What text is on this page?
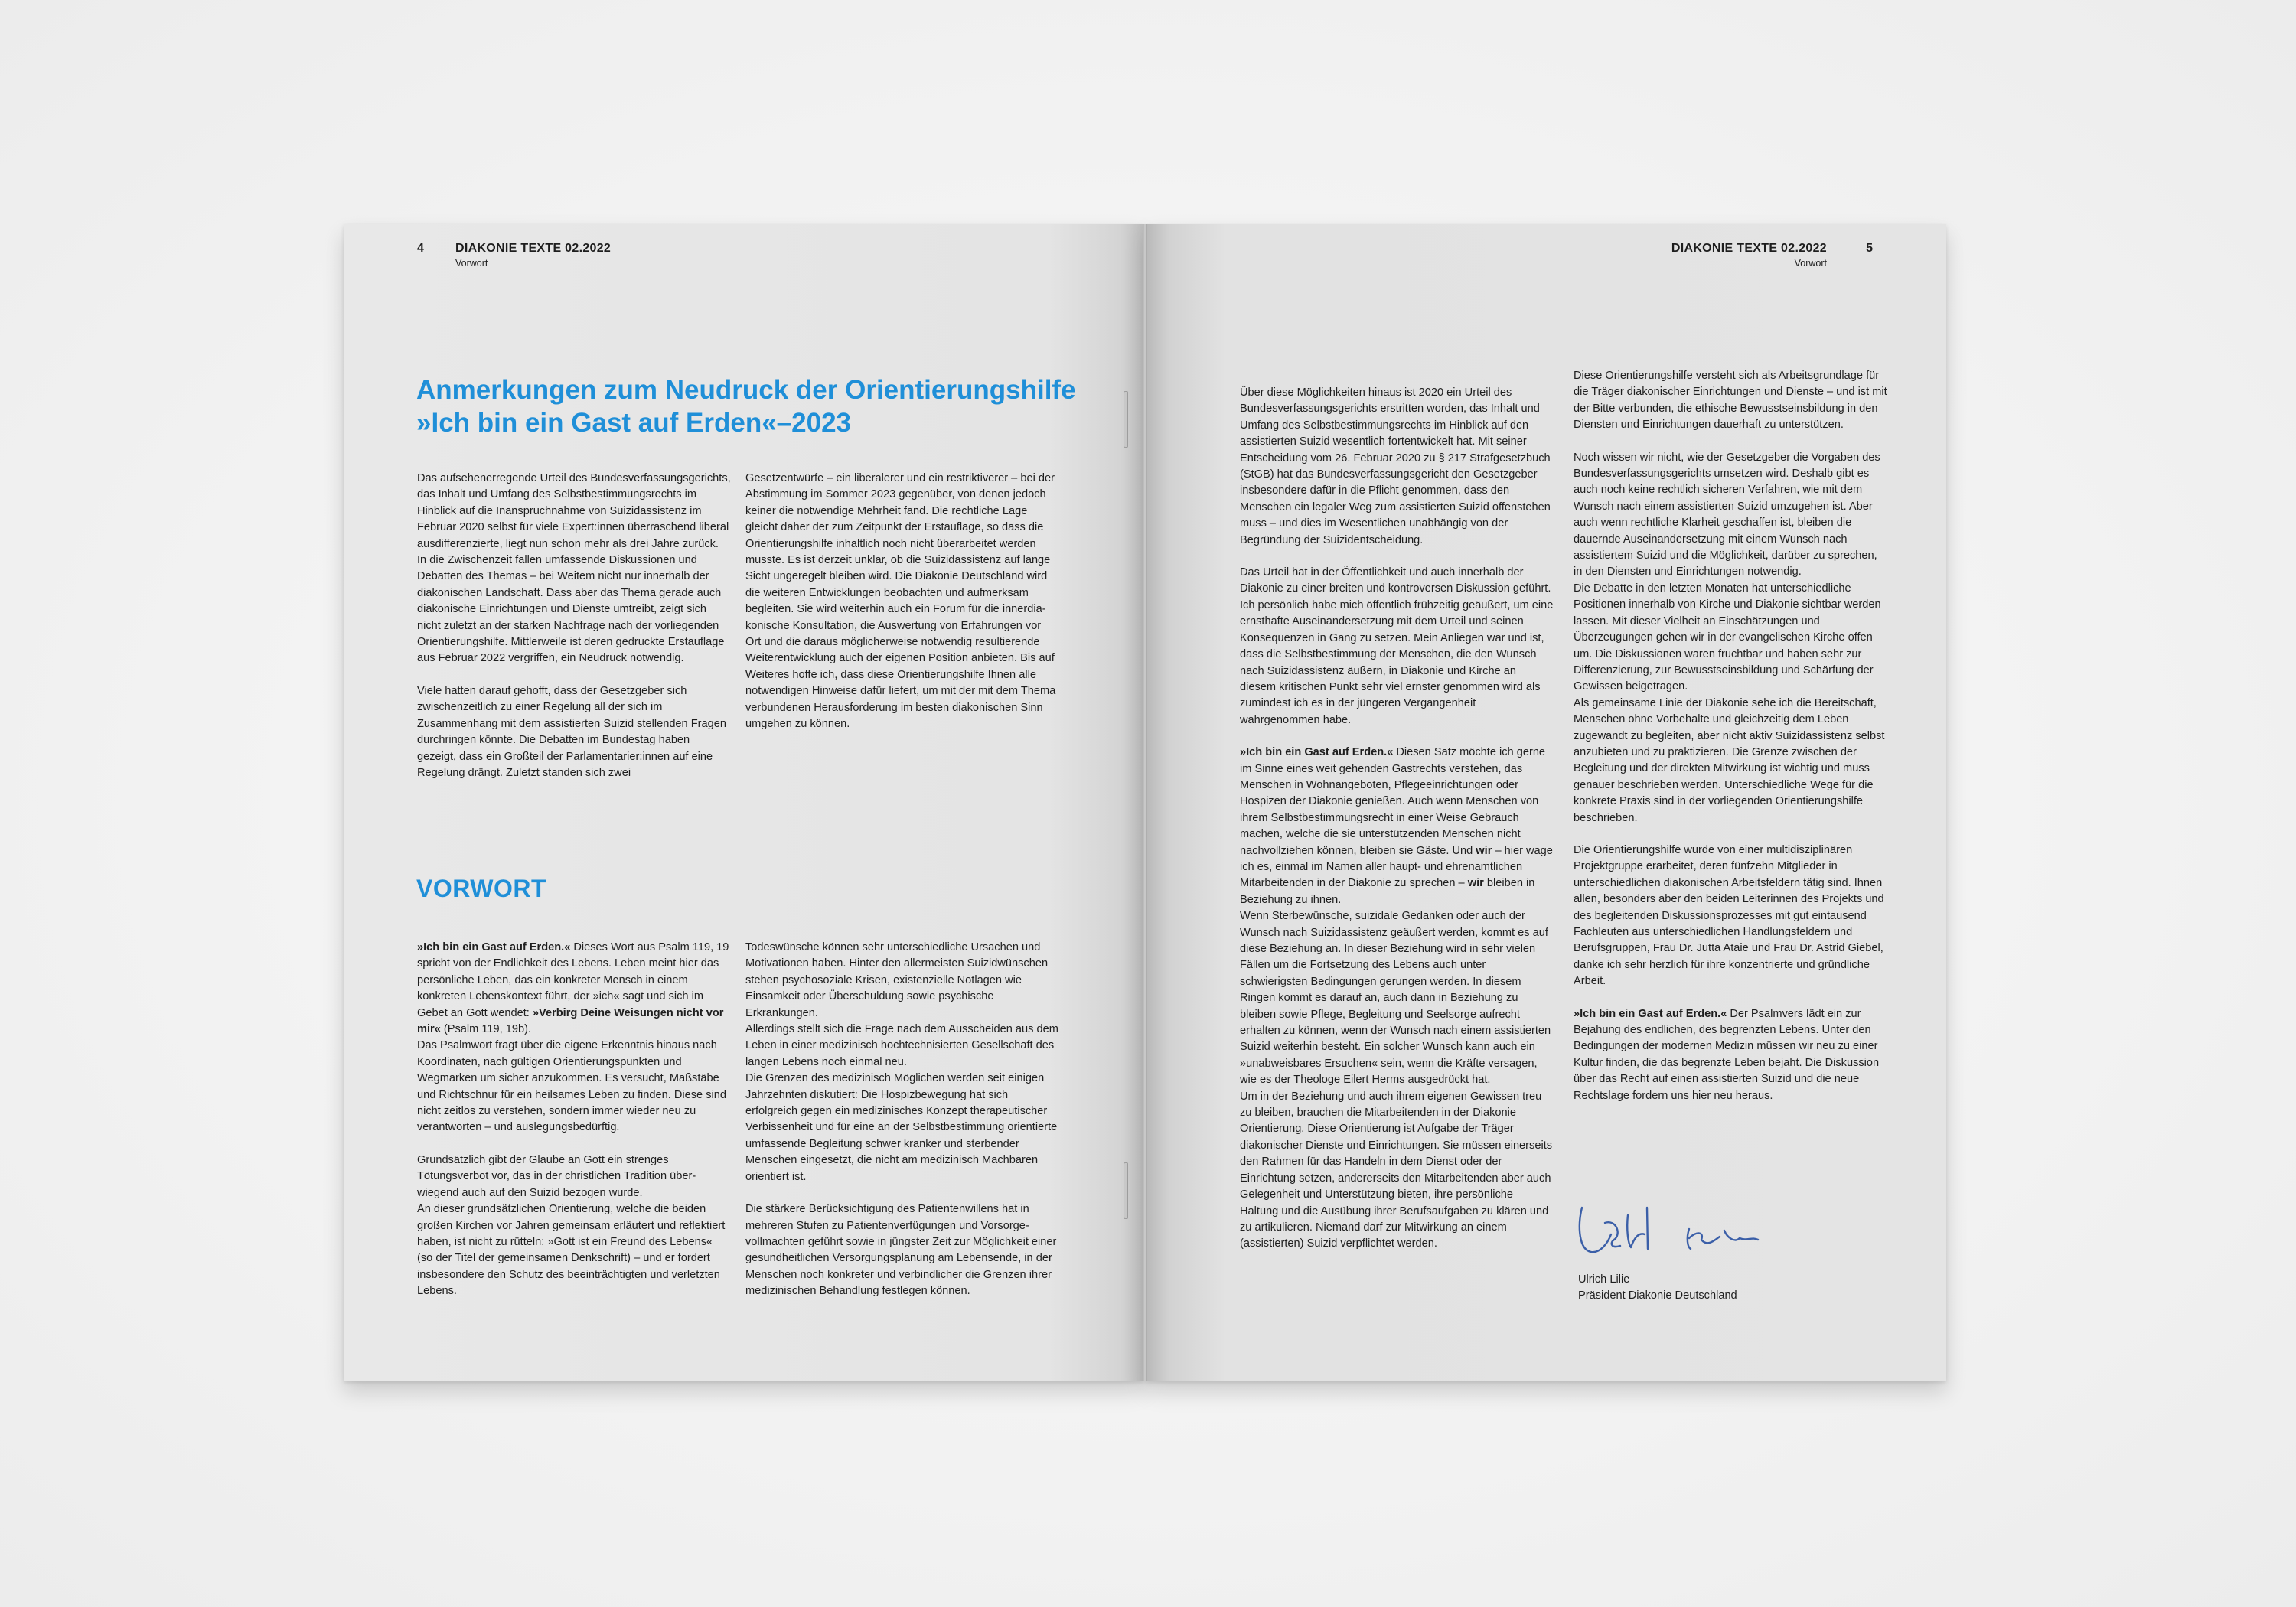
4	DIAKONIE TEXTE 02.2022
Vorwort
Anmerkungen zum Neudruck der Orientierungshilfe »Ich bin ein Gast auf Erden«–2023

Das aufsehenerregende Urteil des Bundesverfassungsgerichts, das Inhalt und Umfang des Selbstbestimmungsrechts im Hinblick auf die Inanspruchnahme von Suizidassistenz im Februar 2020 selbst für viele Expert:innen überraschend liberal ausdifferenzierte, liegt nun schon mehr als drei Jahre zurück. In die Zwischenzeit fallen umfassende Diskussionen und Debatten des Themas – bei Weitem nicht nur innerhalb der diakonischen Landschaft. Dass aber das Thema gerade auch diakonische Einrichtungen und Dienste umtreibt, zeigt sich nicht zuletzt an der starken Nachfrage nach der vorliegenden Orientierungshilfe. Mittlerweile ist deren gedruckte Erstauflage aus Februar 2022 vergriffen, ein Neudruck notwendig.

Viele hatten darauf gehofft, dass der Gesetzgeber sich zwischenzeitlich zu einer Regelung all der sich im Zusammenhang mit dem assistierten Suizid stellenden Fragen durchringen könnte. Die Debatten im Bundestag haben gezeigt, dass ein Großteil der Parlamentarier:innen auf eine Regelung drängt. Zuletzt standen sich zwei

Gesetzentwürfe – ein liberalerer und ein restriktiverer – bei der Abstimmung im Sommer 2023 gegenüber, von denen jedoch keiner die notwendige Mehrheit fand. Die rechtliche Lage gleicht daher der zum Zeitpunkt der Erstauflage, so dass die Orientierungshilfe inhaltlich noch nicht überarbeitet werden musste. Es ist derzeit unklar, ob die Suizidassistenz auf lange Sicht ungeregelt bleiben wird. Die Diakonie Deutschland wird die weiteren Entwicklungen beobachten und aufmerksam begleiten. Sie wird weiterhin auch ein Forum für die innerdiakonische Konsultation, die Auswertung von Erfahrungen vor Ort und die daraus möglicherweise notwendig resultierende Weiterentwicklung auch der eigenen Position anbieten. Bis auf Weiteres hoffe ich, dass diese Orientierungshilfe Ihnen alle notwendigen Hinweise dafür liefert, um mit der mit dem Thema verbundenen Herausforderung im besten diakonischen Sinn umgehen zu können.

VORWORT

»Ich bin ein Gast auf Erden.« Dieses Wort aus Psalm 119, 19 spricht von der Endlichkeit des Lebens. Leben meint hier das persönliche Leben, das ein konkreter Mensch in einem konkreten Lebenskontext führt, der »ich« sagt und sich im Gebet an Gott wendet: »Verbirg Deine Weisungen nicht vor mir« (Psalm 119, 19b).

Das Psalmwort fragt über die eigene Erkenntnis hinaus nach Koordinaten, nach gültigen Orientierungspunkten und Wegmarken um sicher anzukommen. Es versucht, Maßstäbe und Richtschnur für ein heilsames Leben zu finden. Diese sind nicht zeitlos zu verstehen, sondern immer wieder neu zu verantworten – und auslegungsbedürftig.

Grundsätzlich gibt der Glaube an Gott ein strenges Tötungsverbot vor, das in der christlichen Tradition überwiegend auch auf den Suizid bezogen wurde.

An dieser grundsätzlichen Orientierung, welche die beiden großen Kirchen vor Jahren gemeinsam erläutert und reflektiert haben, ist nicht zu rütteln: »Gott ist ein Freund des Lebens« (so der Titel der gemeinsamen Denkschrift) – und er fordert insbesondere den Schutz des beeinträchtigten und verletzten Lebens.

Todeswünsche können sehr unterschiedliche Ursachen und Motivationen haben. Hinter den allermeisten Suizidwünschen stehen psychosoziale Krisen, existenzielle Notlagen wie Einsamkeit oder Überschuldung sowie psychische Erkrankungen.

Allerdings stellt sich die Frage nach dem Ausscheiden aus dem Leben in einer medizinisch hochtechnisierten Gesellschaft des langen Lebens noch einmal neu.

Die Grenzen des medizinisch Möglichen werden seit einigen Jahrzehnten diskutiert: Die Hospizbewegung hat sich erfolgreich gegen ein medizinisches Konzept therapeutischer Verbissenheit und für eine an der Selbstbestimmung orientierte umfassende Begleitung schwer kranker und sterbender Menschen eingesetzt, die nicht am medizinisch Machbaren orientiert ist.

Die stärkere Berücksichtigung des Patientenwillens hat in mehreren Stufen zu Patientenverfügungen und Vorsorgevollmachten geführt sowie in jüngster Zeit zur Möglichkeit einer gesundheitlichen Versorgungsplanung am Lebensende, in der Menschen noch konkreter und verbindlicher die Grenzen ihrer medizinischen Behandlung festlegen können.

DIAKONIE TEXTE 02.2022
Vorwort
5

Über diese Möglichkeiten hinaus ist 2020 ein Urteil des Bundesverfassungsgerichts erstritten worden, das Inhalt und Umfang des Selbstbestimmungsrechts im Hinblick auf den assistierten Suizid wesentlich fortentwickelt hat. Mit seiner Entscheidung vom 26. Februar 2020 zu § 217 Strafgesetzbuch (StGB) hat das Bundesverfassungsgericht den Gesetzgeber insbesondere dafür in die Pflicht genommen, dass den Menschen ein legaler Weg zum assistierten Suizid offenstehen muss – und dies im Wesentlichen unabhängig von der Begründung der Suizidentscheidung.

Das Urteil hat in der Öffentlichkeit und auch innerhalb der Diakonie zu einer breiten und kontroversen Diskussion geführt. Ich persönlich habe mich öffentlich frühzeitig geäußert, um eine ernsthafte Auseinandersetzung mit dem Urteil und seinen Konsequenzen in Gang zu setzen. Mein Anliegen war und ist, dass die Selbstbestimmung der Menschen, die den Wunsch nach Suizidassistenz äußern, in Diakonie und Kirche an diesem kritischen Punkt sehr viel ernster genommen wird als zumindest ich es in der jüngeren Vergangenheit wahrgenommen habe.

»Ich bin ein Gast auf Erden.« Diesen Satz möchte ich gerne im Sinne eines weit gehenden Gastrechts verstehen, das Menschen in Wohnangeboten, Pflegeeinrichtungen oder Hospizen der Diakonie genießen. Auch wenn Menschen von ihrem Selbstbestimmungsrecht in einer Weise Gebrauch machen, welche die sie unterstützenden Menschen nicht nachvollziehen können, bleiben sie Gäste. Und wir – hier wage ich es, einmal im Namen aller haupt- und ehrenamtlichen Mitarbeitenden in der Diakonie zu sprechen – wir bleiben in Beziehung zu ihnen.

Wenn Sterbewünsche, suizidale Gedanken oder auch der Wunsch nach Suizidassistenz geäußert werden, kommt es auf diese Beziehung an. In dieser Beziehung wird in sehr vielen Fällen um die Fortsetzung des Lebens auch unter schwierigsten Bedingungen gerungen werden. In diesem Ringen kommt es darauf an, auch dann in Beziehung zu bleiben sowie Pflege, Begleitung und Seelsorge aufrecht erhalten zu können, wenn der Wunsch nach einem assistierten Suizid weiterhin besteht. Ein solcher Wunsch kann auch ein »unabweisbares Ersuchen« sein, wenn die Kräfte versagen, wie es der Theologe Eilert Herms ausgedrückt hat.

Um in der Beziehung und auch ihrem eigenen Gewissen treu zu bleiben, brauchen die Mitarbeitenden in der Diakonie Orientierung. Diese Orientierung ist Aufgabe der Träger diakonischer Dienste und Einrichtungen. Sie müssen einerseits den Rahmen für das Handeln in dem Dienst oder der Einrichtung setzen, andererseits den Mitarbeitenden aber auch Gelegenheit und Unterstützung bieten, ihre persönliche Haltung und die Ausübung ihrer Berufsaufgaben zu klären und zu artikulieren. Niemand darf zur Mitwirkung an einem (assistierten) Suizid verpflichtet werden.

Diese Orientierungshilfe versteht sich als Arbeitsgrundlage für die Träger diakonischer Einrichtungen und Dienste – und ist mit der Bitte verbunden, die ethische Bewusstseinsbildung in den Diensten und Einrichtungen dauerhaft zu unterstützen.

Noch wissen wir nicht, wie der Gesetzgeber die Vorgaben des Bundesverfassungsgerichts umsetzen wird. Deshalb gibt es auch noch keine rechtlich sicheren Verfahren, wie mit dem Wunsch nach einem assistierten Suizid umzugehen ist. Aber auch wenn rechtliche Klarheit geschaffen ist, bleiben die dauernde Auseinandersetzung mit einem Wunsch nach assistiertem Suizid und die Möglichkeit, darüber zu sprechen, in den Diensten und Einrichtungen notwendig.

Die Debatte in den letzten Monaten hat unterschiedliche Positionen innerhalb von Kirche und Diakonie sichtbar werden lassen. Mit dieser Vielheit an Einschätzungen und Überzeugungen gehen wir in der evangelischen Kirche offen um. Die Diskussionen waren fruchtbar und haben sehr zur Differenzierung, zur Bewusstseinsbildung und Schärfung der Gewissen beigetragen.

Als gemeinsame Linie der Diakonie sehe ich die Bereitschaft, Menschen ohne Vorbehalte und gleichzeitig dem Leben zugewandt zu begleiten, aber nicht aktiv Suizidassistenz selbst anzubieten und zu praktizieren. Die Grenze zwischen der Begleitung und der direkten Mitwirkung ist wichtig und muss genauer beschrieben werden. Unterschiedliche Wege für die konkrete Praxis sind in der vorliegenden Orientierungshilfe beschrieben.

Die Orientierungshilfe wurde von einer multidisziplinären Projektgruppe erarbeitet, deren fünfzehn Mitglieder in unterschiedlichen diakonischen Arbeitsfeldern tätig sind. Ihnen allen, besonders aber den beiden Leiterinnen des Projekts und des begleitenden Diskussionsprozesses mit gut eintausend Fachleuten aus unterschiedlichen Handlungsfeldern und Berufsgruppen, Frau Dr. Jutta Ataie und Frau Dr. Astrid Giebel, danke ich sehr herzlich für ihre konzentrierte und gründliche Arbeit.

»Ich bin ein Gast auf Erden.« Der Psalmvers lädt ein zur Bejahung des endlichen, des begrenzten Lebens. Unter den Bedingungen der modernen Medizin müssen wir neu zu einer Kultur finden, die das begrenzte Leben bejaht. Die Diskussion über das Recht auf einen assistierten Suizid und die neue Rechtslage fordern uns hier neu heraus.

Ulrich Lilie
Präsident Diakonie Deutschland
